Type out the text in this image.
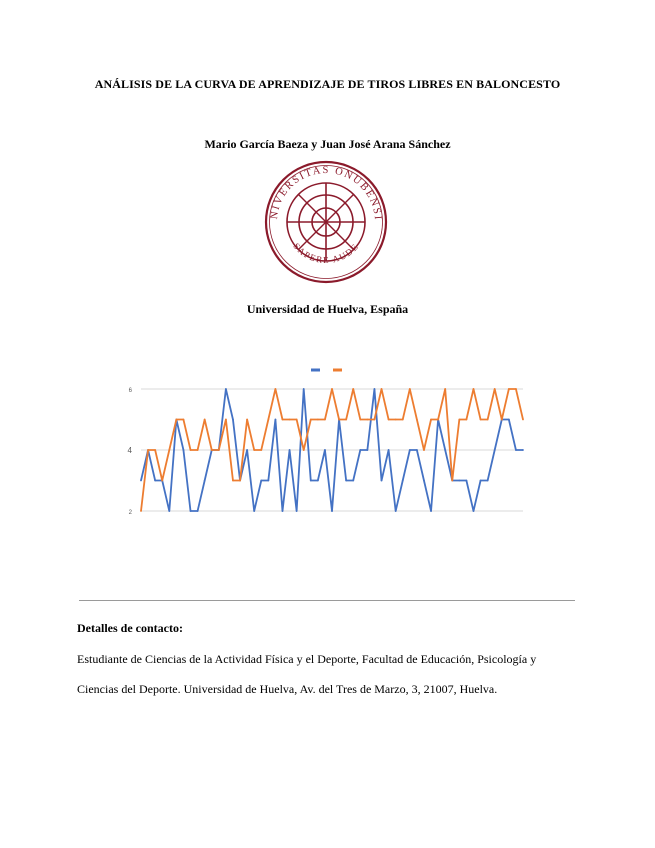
ANÁLISIS DE LA CURVA DE APRENDIZAJE DE TIROS LIBRES EN BALONCESTO
Mario García Baeza y Juan José Arana Sánchez
NIVERSITAS ONUBENSI
SAPERE AUDE
Universidad de Huelva, España
2
4
6
Detalles de contacto:
Estudiante de Ciencias de la Actividad Física y el Deporte, Facultad de Educación, Psicología y
Ciencias del Deporte. Universidad de Huelva, Av. del Tres de Marzo, 3, 21007, Huelva.
